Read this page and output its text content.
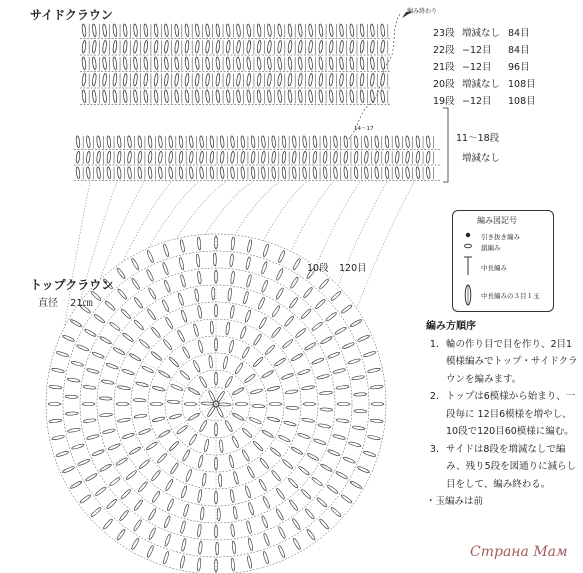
サイドクラウン	編み終わり
23段 増減なし 84目
22段 −12目 84目
21段 −12目 96目
20段 増減なし 108目
19段 −12目 108目
11〜18段
増減なし
14〜17
トップクラウン
直径 21㎝
10段 120目
編み図記号
引き抜き編み
鎖編み
中長編み
中長編みの３目１玉
編み方順序
1. 輪の作り目で目を作り、2目1模様編みでトップ・サイドクラウンを編みます。
2. トップは6模様から始まり、一段毎に 12目6模様を増やし、10段で120目60模様に編む。
3. サイドは8段を増減なしで編み、残り5段を図通りに減らし目をして、編み終わる。
・玉編みは前
Страна Мам
